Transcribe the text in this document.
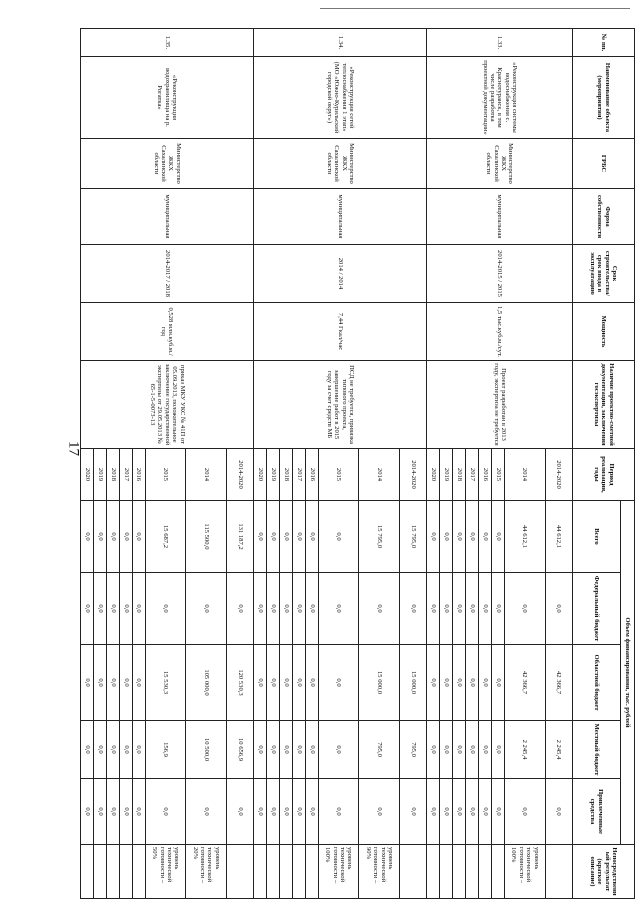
17
№ пп.	Наименование объекта (мероприятия)	ГРБС	Форма собственности	Срок строительства/срок ввода в эксплуатацию	Мощность	Наличие проектно-сметной документации, заключения госэкспертизы	Период реализации, годы	Объем финансирования, тыс. рублей					Непосредственный результат (краткое описание)
								Всего	Федеральный бюджет	Областной бюджет	Местный бюджет	Привлеченные средства	
1.33.	«Реконструкция системы водоснабжения с. Краснотуранск, в том числе разработка проектной документации»	Министерство ЖКХ Сахалинской области	муниципальная	2014-2015 / 2015	1,5 тыс.куб.м./сут.	Проект разработан в 2013 году, экспертиза не требуется	2014-2020	44 612,1	0,0	42 366,7	2 245,4	0,0	
							2014	44 612,1	0,0	42 366,7	2 245,4	0,0	уровень технической готовности – 100%
							2015	0,0	0,0	0,0	0,0	0,0	
							2016	0,0	0,0	0,0	0,0	0,0	
							2017	0,0	0,0	0,0	0,0	0,0	
							2018	0,0	0,0	0,0	0,0	0,0	
							2019	0,0	0,0	0,0	0,0	0,0	
							2020	0,0	0,0	0,0	0,0	0,0	
1.34.	«Реконструкция сетей теплоснабжения 1 этап» (МО «Южно-Курильский городской округ»)	Министерство ЖКХ Сахалинской области	муниципальная	2014 / 2014	7,44 Гкал/час	ПСД не требуется, привязка типового проекта, завершение работ в 2015 году за счет средств МБ	2014-2020	15 795,0	0,0	15 000,0	795,0	0,0	
							2014	15 795,0	0,0	15 000,0	795,0	0,0	уровень технической готовности – 90%
							2015	0,0	0,0	0,0	0,0	0,0	уровень технической готовности – 100%
							2016	0,0	0,0	0,0	0,0	0,0	
							2017	0,0	0,0	0,0	0,0	0,0	
							2018	0,0	0,0	0,0	0,0	0,0	
							2019	0,0	0,0	0,0	0,0	0,0	
							2020	0,0	0,0	0,0	0,0	0,0	
1.35.	«Реконструкция водохранилища на р. Рогатка»	Министерство ЖКХ Сахалинской области	муниципальная	2014-2017 / 2018	0,528 млн.куб.м./год	приказ МКУ УКС № 41П от 05.09.2013, положительное заключение государственной экспертизы от 29.05.2013 № 65-1-5-0073-13	2014-2020	131 187,2	0,0	120 530,3	10 656,9	0,0	
							2014	115 500,0	0,0	105 000,0	10 500,0	0,0	уровень технической готовности – 20%
							2015	15 687,2	0,0	15 530,3	156,9	0,0	уровень технической готовности – 50%
							2016	0,0	0,0	0,0	0,0	0,0	
							2017	0,0	0,0	0,0	0,0	0,0	
							2018	0,0	0,0	0,0	0,0	0,0	
							2019	0,0	0,0	0,0	0,0	0,0	
							2020	0,0	0,0	0,0	0,0	0,0	
